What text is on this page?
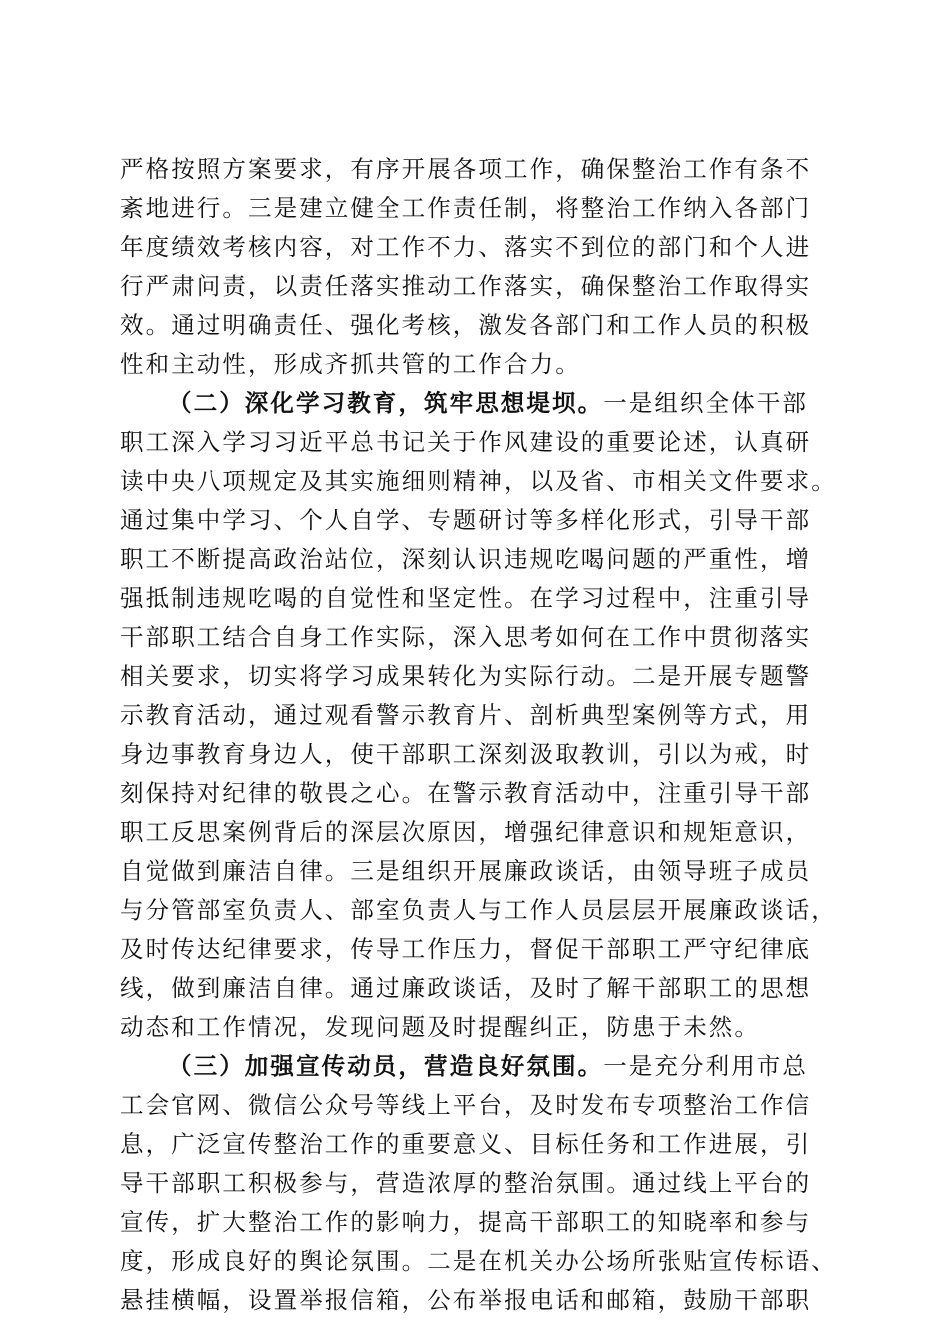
严格按照方案要求，有序开展各项工作，确保整治工作有条不
紊地进行。三是建立健全工作责任制，将整治工作纳入各部门
年度绩效考核内容，对工作不力、落实不到位的部门和个人进
行严肃问责，以责任落实推动工作落实，确保整治工作取得实
效。通过明确责任、强化考核，激发各部门和工作人员的积极
性和主动性，形成齐抓共管的工作合力。
（二）深化学习教育，筑牢思想堤坝。一是组织全体干部
职工深入学习习近平总书记关于作风建设的重要论述，认真研
读中央八项规定及其实施细则精神，以及省、市相关文件要求。
通过集中学习、个人自学、专题研讨等多样化形式，引导干部
职工不断提高政治站位，深刻认识违规吃喝问题的严重性，增
强抵制违规吃喝的自觉性和坚定性。在学习过程中，注重引导
干部职工结合自身工作实际，深入思考如何在工作中贯彻落实
相关要求，切实将学习成果转化为实际行动。二是开展专题警
示教育活动，通过观看警示教育片、剖析典型案例等方式，用
身边事教育身边人，使干部职工深刻汲取教训，引以为戒，时
刻保持对纪律的敬畏之心。在警示教育活动中，注重引导干部
职工反思案例背后的深层次原因，增强纪律意识和规矩意识，
自觉做到廉洁自律。三是组织开展廉政谈话，由领导班子成员
与分管部室负责人、部室负责人与工作人员层层开展廉政谈话，
及时传达纪律要求，传导工作压力，督促干部职工严守纪律底
线，做到廉洁自律。通过廉政谈话，及时了解干部职工的思想
动态和工作情况，发现问题及时提醒纠正，防患于未然。
（三）加强宣传动员，营造良好氛围。一是充分利用市总
工会官网、微信公众号等线上平台，及时发布专项整治工作信
息，广泛宣传整治工作的重要意义、目标任务和工作进展，引
导干部职工积极参与，营造浓厚的整治氛围。通过线上平台的
宣传，扩大整治工作的影响力，提高干部职工的知晓率和参与
度，形成良好的舆论氛围。二是在机关办公场所张贴宣传标语、
悬挂横幅，设置举报信箱，公布举报电话和邮箱，鼓励干部职
